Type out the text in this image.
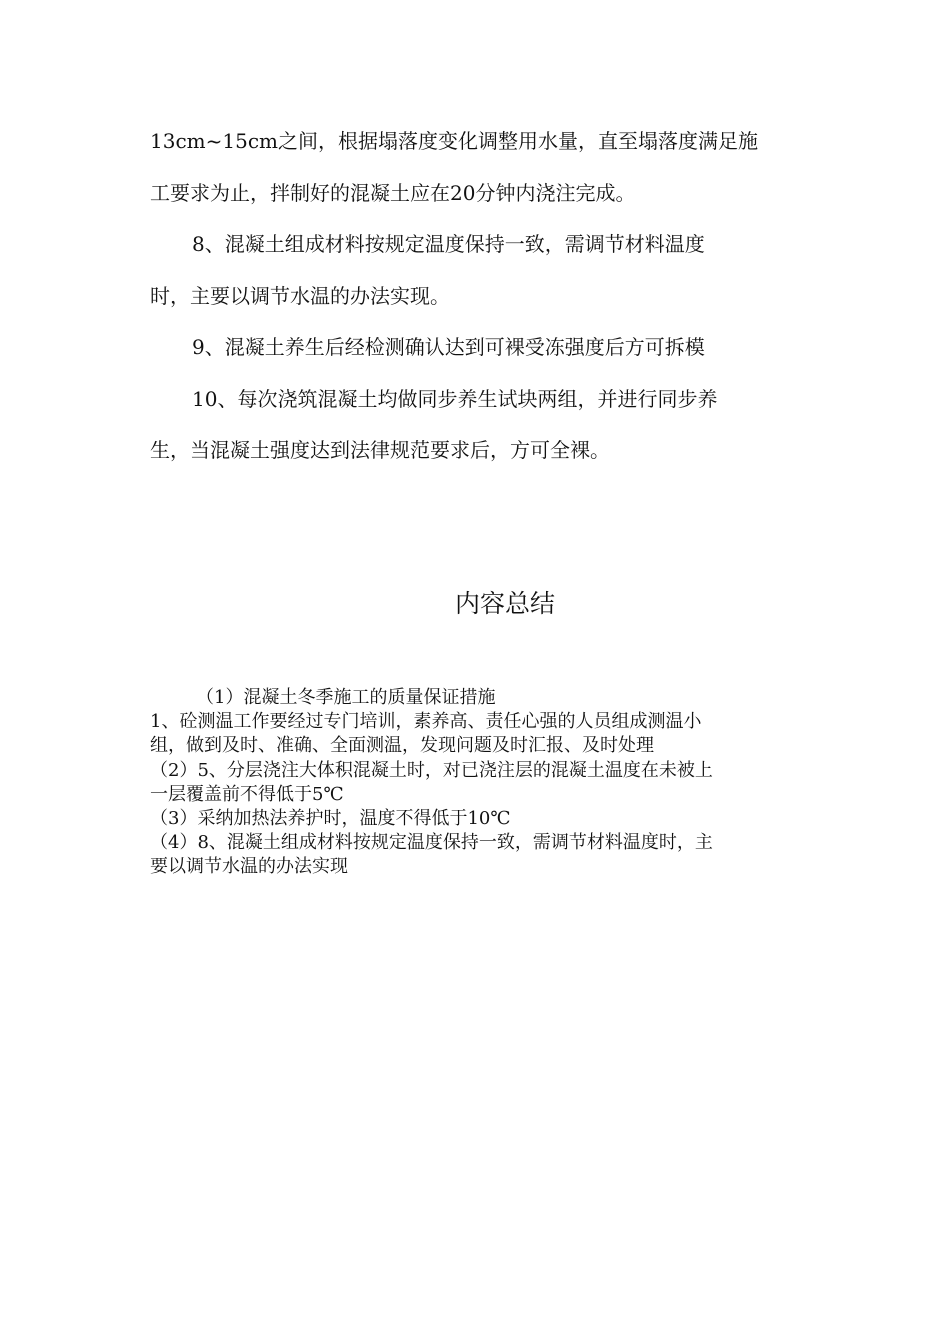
13cm~15cm之间，根据塌落度变化调整用水量，直至塌落度满足施

工要求为止，拌制好的混凝土应在20分钟内浇注完成。

8、混凝土组成材料按规定温度保持一致，需调节材料温度

时，主要以调节水温的办法实现。

9、混凝土养生后经检测确认达到可裸受冻强度后方可拆模

10、每次浇筑混凝土均做同步养生试块两组，并进行同步养

生，当混凝土强度达到法律规范要求后，方可全裸。

内容总结

（1）混凝土冬季施工的质量保证措施

1、砼测温工作要经过专门培训，素养高、责任心强的人员组成测温小

组，做到及时、准确、全面测温，发现问题及时汇报、及时处理

（2）5、分层浇注大体积混凝土时，对已浇注层的混凝土温度在未被上

一层覆盖前不得低于5℃

（3）采纳加热法养护时，温度不得低于10℃

（4）8、混凝土组成材料按规定温度保持一致，需调节材料温度时，主

要以调节水温的办法实现
